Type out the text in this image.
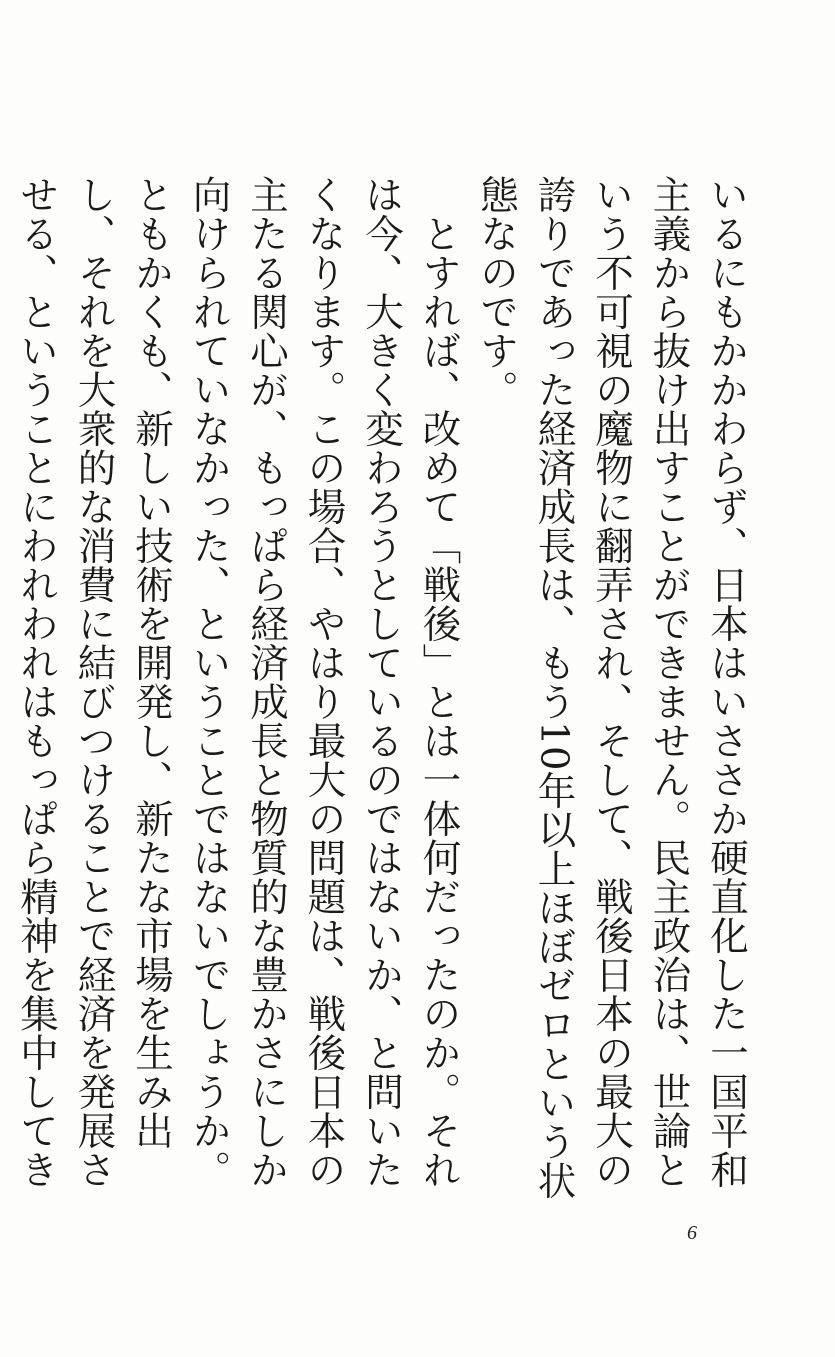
いるにもかかわらず、日本はいささか硬直化した一国平和主義から抜け出すことができません。民主政治は、世論という不可視の魔物に翻弄され、そして、戦後日本の最大の誇りであった経済成長は、もう10年以上ほぼゼロという状態なのです。

とすれば、改めて「戦後」とは一体何だったのか。それは今、大きく変わろうとしているのではないか、と問いたくなります。この場合、やはり最大の問題は、戦後日本の主たる関心が、もっぱら経済成長と物質的な豊かさにしか向けられていなかった、ということではないでしょうか。ともかくも、新しい技術を開発し、新たな市場を生み出し、それを大衆的な消費に結びつけることで経済を発展させる、ということにわれわれはもっぱら精神を集中してき

6
